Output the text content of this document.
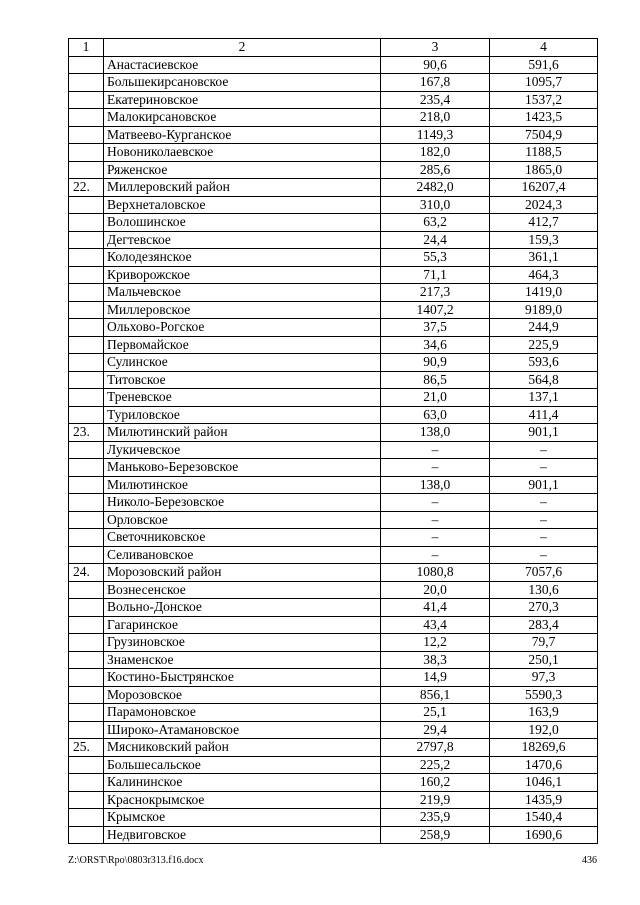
1	2	3	4
	Анастасиевское	90,6	591,6
	Большекирсановское	167,8	1095,7
	Екатериновское	235,4	1537,2
	Малокирсановское	218,0	1423,5
	Матвеево-Курганское	1149,3	7504,9
	Новониколаевское	182,0	1188,5
	Ряженское	285,6	1865,0
22.	Миллеровский район	2482,0	16207,4
	Верхнеталовское	310,0	2024,3
	Волошинское	63,2	412,7
	Дегтевское	24,4	159,3
	Колодезянское	55,3	361,1
	Криворожское	71,1	464,3
	Мальчевское	217,3	1419,0
	Миллеровское	1407,2	9189,0
	Ольхово-Рогское	37,5	244,9
	Первомайское	34,6	225,9
	Сулинское	90,9	593,6
	Титовское	86,5	564,8
	Треневское	21,0	137,1
	Туриловское	63,0	411,4
23.	Милютинский район	138,0	901,1
	Лукичевское	–	–
	Маньково-Березовское	–	–
	Милютинское	138,0	901,1
	Николо-Березовское	–	–
	Орловское	–	–
	Светочниковское	–	–
	Селивановское	–	–
24.	Морозовский район	1080,8	7057,6
	Вознесенское	20,0	130,6
	Вольно-Донское	41,4	270,3
	Гагаринское	43,4	283,4
	Грузиновское	12,2	79,7
	Знаменское	38,3	250,1
	Костино-Быстрянское	14,9	97,3
	Морозовское	856,1	5590,3
	Парамоновское	25,1	163,9
	Широко-Атамановское	29,4	192,0
25.	Мясниковский район	2797,8	18269,6
	Большесальское	225,2	1470,6
	Калининское	160,2	1046,1
	Краснокрымское	219,9	1435,9
	Крымское	235,9	1540,4
	Недвиговское	258,9	1690,6
Z:\ORST\Rpo\0803r313.f16.docx	436
